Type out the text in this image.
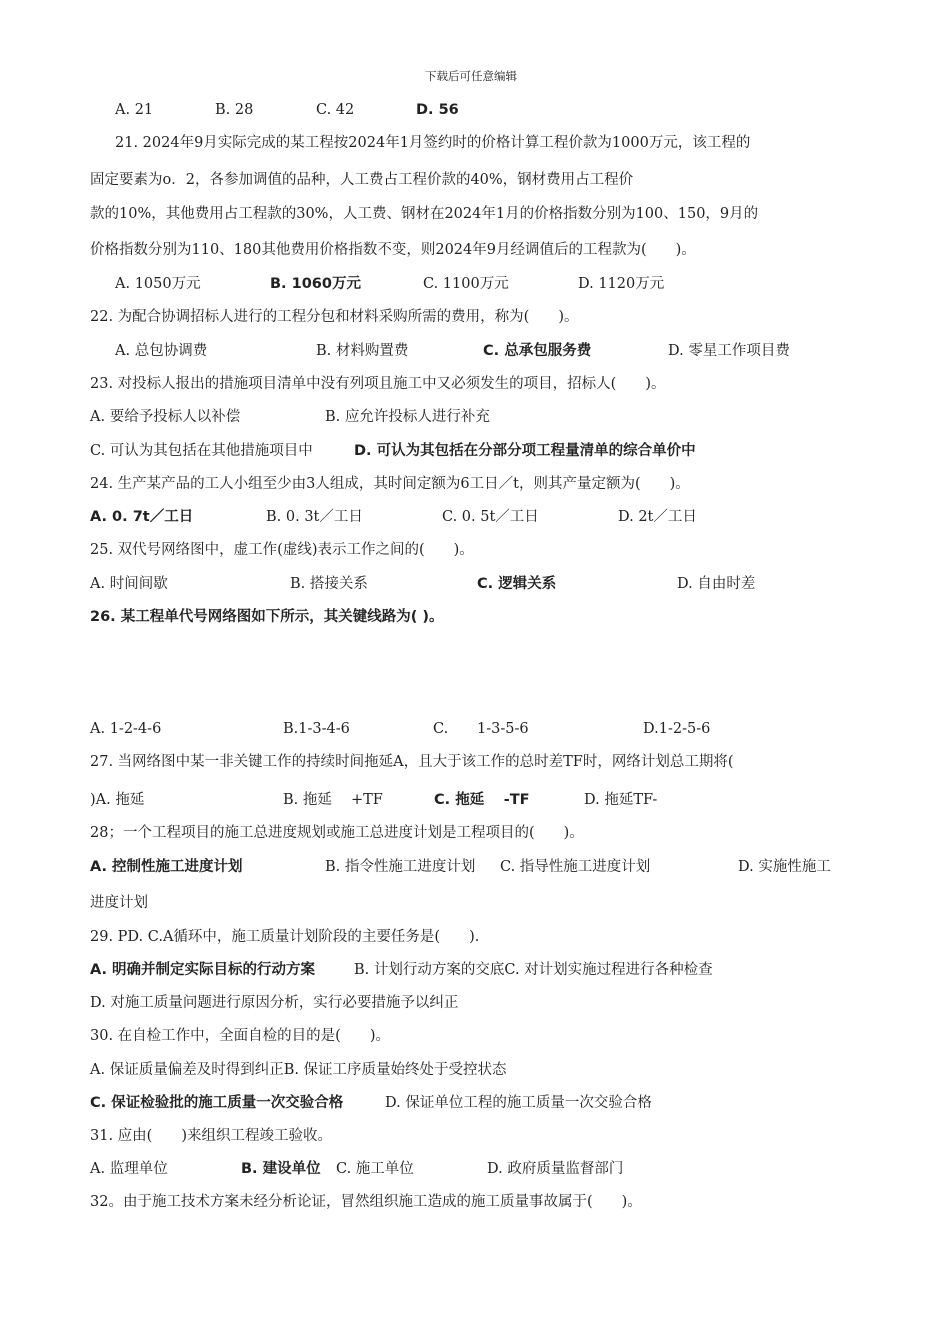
下载后可任意编辑
A. 21	B. 28	C. 42	D. 56
21. 2024年9月实际完成的某工程按2024年1月签约时的价格计算工程价款为1000万元，该工程的
固定要素为o．2，各参加调值的品种，人工费占工程价款的40%，钢材费用占工程价
款的10%，其他费用占工程款的30%，人工费、钢材在2024年1月的价格指数分别为100、150，9月的
价格指数分别为110、180其他费用价格指数不变，则2024年9月经调值后的工程款为(　　)。
A. 1050万元	B. 1060万元	C. 1100万元	D. 1120万元
22. 为配合协调招标人进行的工程分包和材料采购所需的费用，称为(　　)。
A. 总包协调费	B. 材料购置费	C. 总承包服务费	D. 零星工作项目费
23. 对投标人报出的措施项目清单中没有列项且施工中又必须发生的项目，招标人(　　)。
A. 要给予投标人以补偿	B. 应允许投标人进行补充
C. 可认为其包括在其他措施项目中	D. 可认为其包括在分部分项工程量清单的综合单价中
24. 生产某产品的工人小组至少由3人组成，其时间定额为6工日／t，则其产量定额为(　　)。
A. 0. 7t／工日	B. 0. 3t／工日	C. 0. 5t／工日	D. 2t／工日
25. 双代号网络图中，虚工作(虚线)表示工作之间的(　　)。
A. 时间间歇	B. 搭接关系	C. 逻辑关系	D. 自由时差
26. 某工程单代号网络图如下所示，其关键线路为( )。
A. 1-2-4-6	B.1-3-4-6	C. 1-3-5-6	D.1-2-5-6
27. 当网络图中某一非关键工作的持续时间拖延A，且大于该工作的总时差TF时，网络计划总工期将(
)A. 拖延	B. 拖延　 +TF	C. 拖延　 -TF	D. 拖延TF-
28；一个工程项目的施工总进度规划或施工总进度计划是工程项目的(　　)。
A. 控制性施工进度计划	B. 指令性施工进度计划 C. 指导性施工进度计划	D. 实施性施工
进度计划
29. PD. C.A循环中，施工质量计划阶段的主要任务是(　　).
A. 明确并制定实际目标的行动方案	B. 计划行动方案的交底C. 对计划实施过程进行各种检查
D. 对施工质量问题进行原因分析，实行必要措施予以纠正
30. 在自检工作中，全面自检的目的是(　　)。
A. 保证质量偏差及时得到纠正B. 保证工序质量始终处于受控状态
C. 保证检验批的施工质量一次交验合格	D. 保证单位工程的施工质量一次交验合格
31. 应由(　　)来组织工程竣工验收。
A. 监理单位	B. 建设单位 C. 施工单位	D. 政府质量监督部门
32。由于施工技术方案未经分析论证，冒然组织施工造成的施工质量事故属于(　　)。
